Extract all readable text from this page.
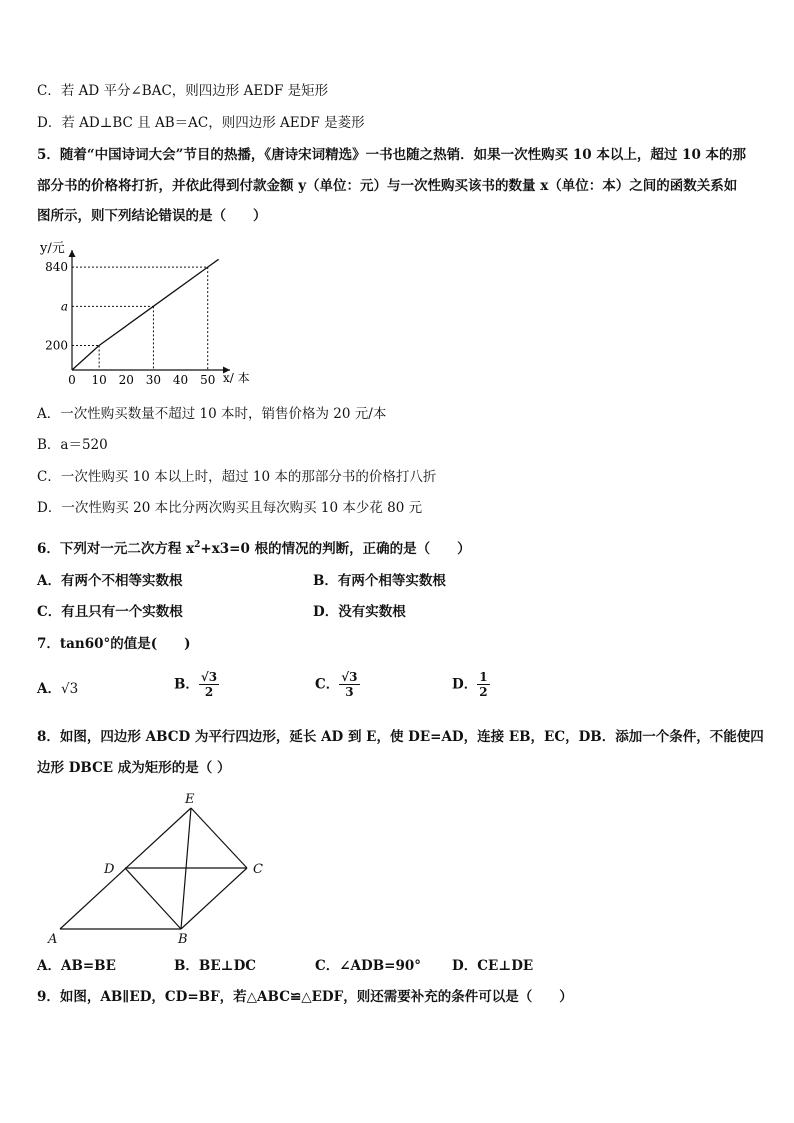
C．若 AD 平分∠BAC，则四边形 AEDF 是矩形
D．若 AD⊥BC 且 AB＝AC，则四边形 AEDF 是菱形
5．随着“中国诗词大会”节目的热播，《唐诗宋词精选》一书也随之热销．如果一次性购买 10 本以上，超过 10 本的那
部分书的价格将打折，并依此得到付款金额 y（单位：元）与一次性购买该书的数量 x（单位：本）之间的函数关系如
图所示，则下列结论错误的是（　　）
y/元
x/ 本
200
a
840
0 10 20 30 40 50
A．一次性购买数量不超过 10 本时，销售价格为 20 元/本
B．a＝520
C．一次性购买 10 本以上时，超过 10 本的那部分书的价格打八折
D．一次性购买 20 本比分两次购买且每次购买 10 本少花 80 元
6．下列对一元二次方程 $x^2+x3=0$ 根的情况的判断，正确的是（　　）
A．有两个不相等实数根	B．有两个相等实数根
C．有且只有一个实数根	D．没有实数根
7．tan60°的值是(　　)
A．√3	B． $\frac{√3}{2}$	C． $\frac{√3}{3}$	D． $\frac{1}{2}$
8．如图，四边形 ABCD 为平行四边形，延长 AD 到 E，使 DE=AD，连接 EB，EC，DB．添加一个条件，不能使四
边形 DBCE 成为矩形的是（ ）
E
D	C
A	B
A．AB=BE	B．BE⊥DC	C．∠ADB=90° D．CE⊥DE
9．如图，AB∥ED，CD=BF，若△ABC≌△EDF，则还需要补充的条件可以是（　　）
